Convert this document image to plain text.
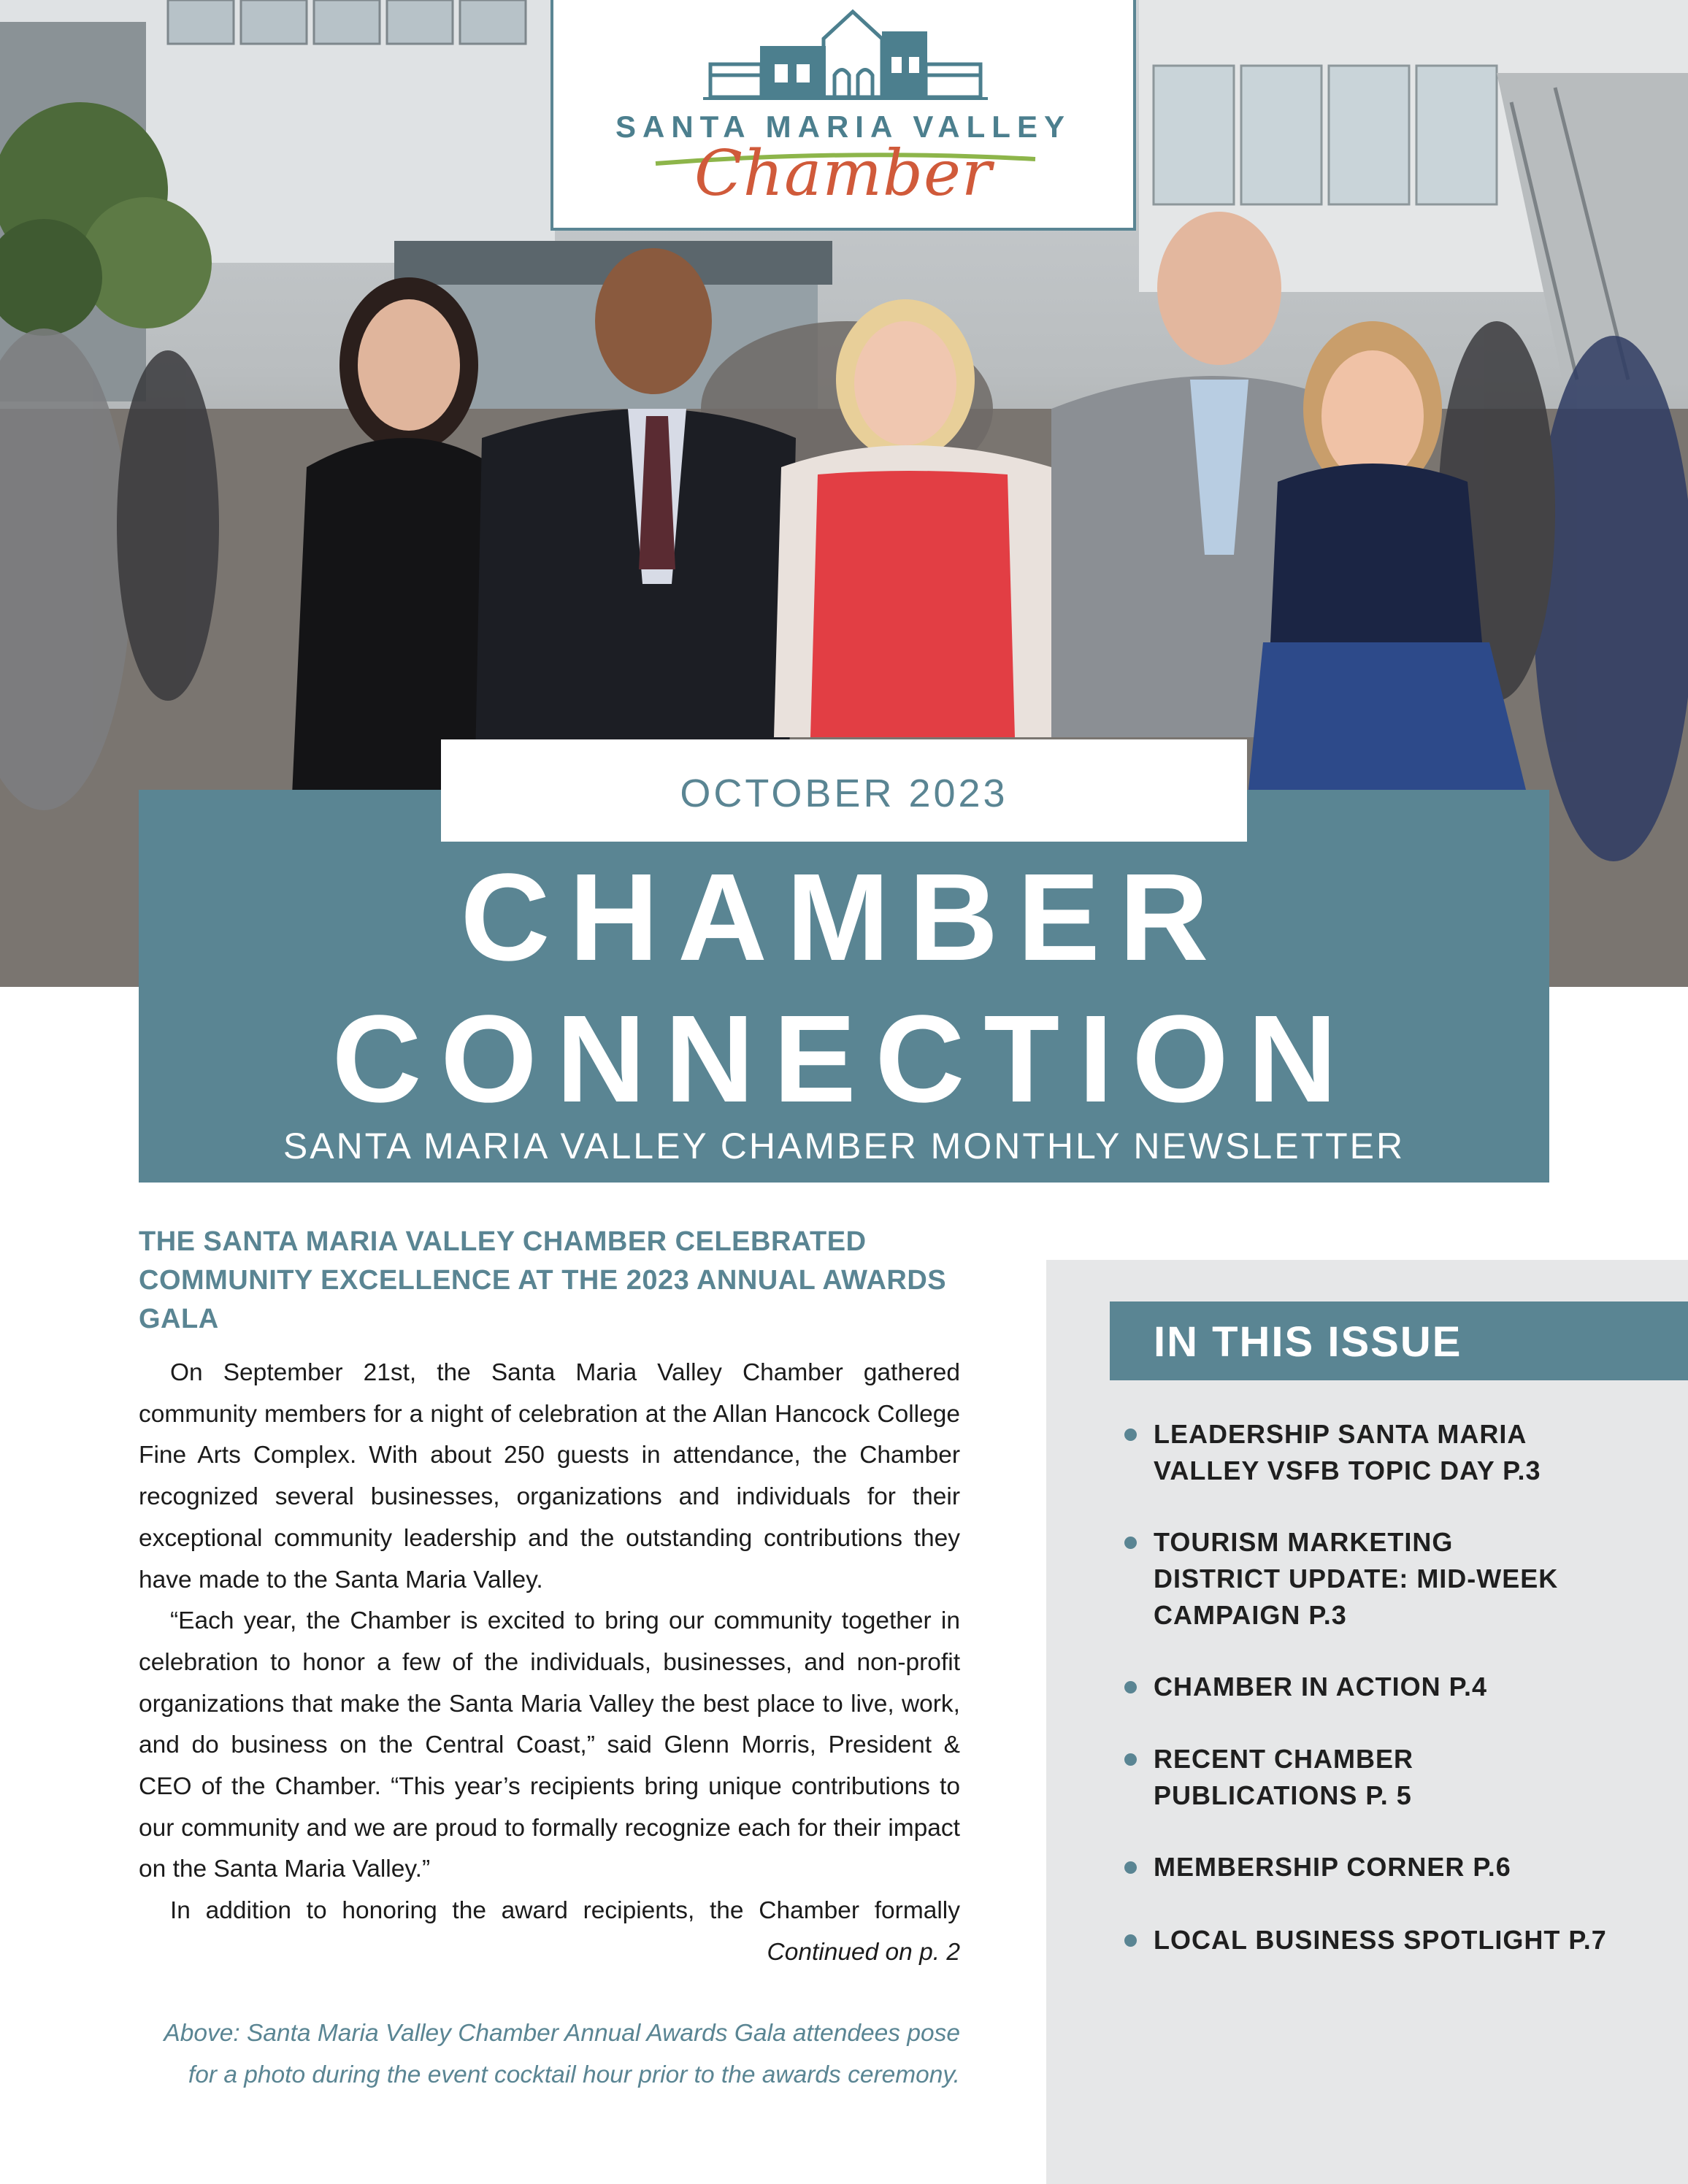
SANTA MARIA VALLEY
Chamber
OCTOBER 2023
CHAMBER
CONNECTION
SANTA MARIA VALLEY CHAMBER MONTHLY NEWSLETTER
THE SANTA MARIA VALLEY CHAMBER CELEBRATED COMMUNITY EXCELLENCE AT THE 2023 ANNUAL AWARDS GALA

On September 21st, the Santa Maria Valley Chamber gathered community members for a night of celebration at the Allan Hancock College Fine Arts Complex. With about 250 guests in attendance, the Chamber recognized several businesses, organizations and individuals for their exceptional community leadership and the outstanding contributions they have made to the Santa Maria Valley.

“Each year, the Chamber is excited to bring our community together in celebration to honor a few of the individuals, businesses, and non-profit organizations that make the Santa Maria Valley the best place to live, work, and do business on the Central Coast,” said Glenn Morris, President & CEO of the Chamber. “This year’s recipients bring unique contributions to our community and we are proud to formally recognize each for their impact on the Santa Maria Valley.”

In addition to honoring the award recipients, the Chamber formally

Continued on p. 2

Above: Santa Maria Valley Chamber Annual Awards Gala attendees pose for a photo during the event cocktail hour prior to the awards ceremony.
IN THIS ISSUE
LEADERSHIP SANTA MARIA
VALLEY VSFB TOPIC DAY P.3
TOURISM MARKETING
DISTRICT UPDATE: MID-WEEK
CAMPAIGN P.3
CHAMBER IN ACTION P.4
RECENT CHAMBER
PUBLICATIONS P. 5
MEMBERSHIP CORNER P.6
LOCAL BUSINESS SPOTLIGHT P.7
